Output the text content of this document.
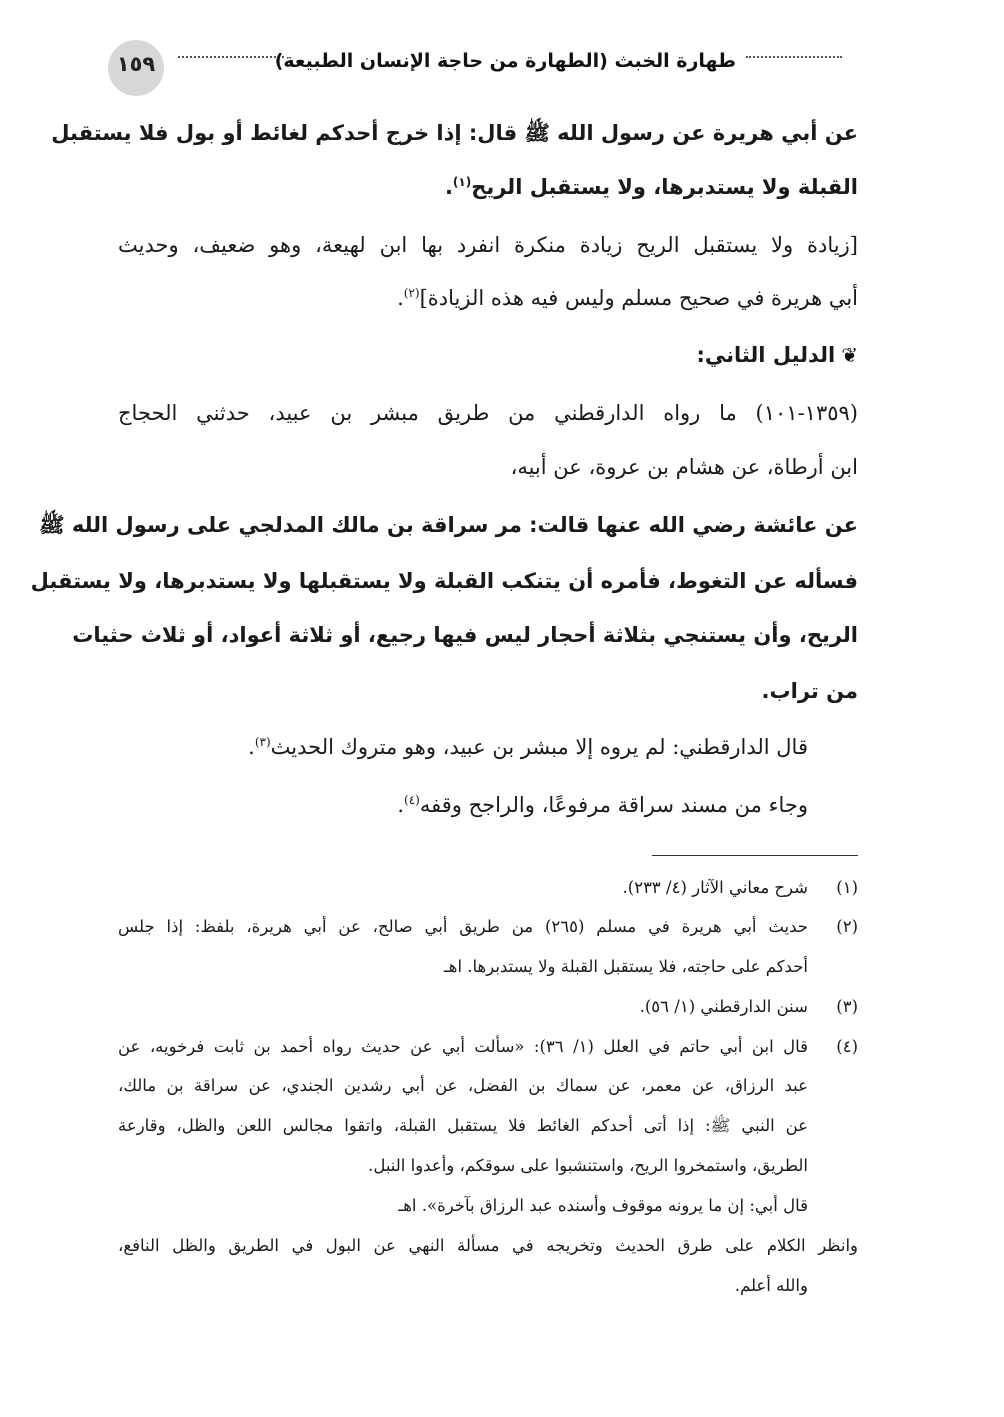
١٥٩	طهارة الخبث (الطهارة من حاجة الإنسان الطبيعة)
عن أبي هريرة عن رسول الله ﷺ قال: إذا خرج أحدكم لغائط أو بول فلا يستقبل
القبلة ولا يستدبرها، ولا يستقبل الريح$^{(١)}$.
[زيادة ولا يستقبل الريح زيادة منكرة انفرد بها ابن لهيعة، وهو ضعيف، وحديث
أبي هريرة في صحيح مسلم وليس فيه هذه الزيادة]$^{(٢)}$.
❦الدليل الثاني:
(١٣٥٩-١٠١) ما رواه الدارقطني من طريق مبشر بن عبيد، حدثني الحجاج
ابن أرطاة، عن هشام بن عروة، عن أبيه،
عن عائشة رضي الله عنها قالت: مر سراقة بن مالك المدلجي على رسول الله ﷺ
فسأله عن التغوط، فأمره أن يتنكب القبلة ولا يستقبلها ولا يستدبرها، ولا يستقبل
الريح، وأن يستنجي بثلاثة أحجار ليس فيها رجيع، أو ثلاثة أعواد، أو ثلاث حثيات
من تراب.
قال الدارقطني: لم يروه إلا مبشر بن عبيد، وهو متروك الحديث$^{(٣)}$.
وجاء من مسند سراقة مرفوعًا، والراجح وقفه$^{(٤)}$.
(١)
شرح معاني الآثار (٤/ ٢٣٣).
(٢)
حديث أبي هريرة في مسلم (٢٦٥) من طريق أبي صالح، عن أبي هريرة، بلفظ: إذا جلس
أحدكم على حاجته، فلا يستقبل القبلة ولا يستدبرها. اهـ
(٣)
سنن الدارقطني (١/ ٥٦).
(٤)
قال ابن أبي حاتم في العلل (١/ ٣٦): «سألت أبي عن حديث رواه أحمد بن ثابت فرخويه، عن
عبد الرزاق، عن معمر، عن سماك بن الفضل، عن أبي رشدين الجندي، عن سراقة بن مالك،
عن النبي ﷺ: إذا أتى أحدكم الغائط فلا يستقبل القبلة، واتقوا مجالس اللعن والظل، وقارعة
الطريق، واستمخروا الريح، واستنشبوا على سوقكم، وأعدوا النبل.
قال أبي: إن ما يرونه موقوف وأسنده عبد الرزاق بآخرة». اهـ
وانظر الكلام على طرق الحديث وتخريجه في مسألة النهي عن البول في الطريق والظل النافع،
والله أعلم.
